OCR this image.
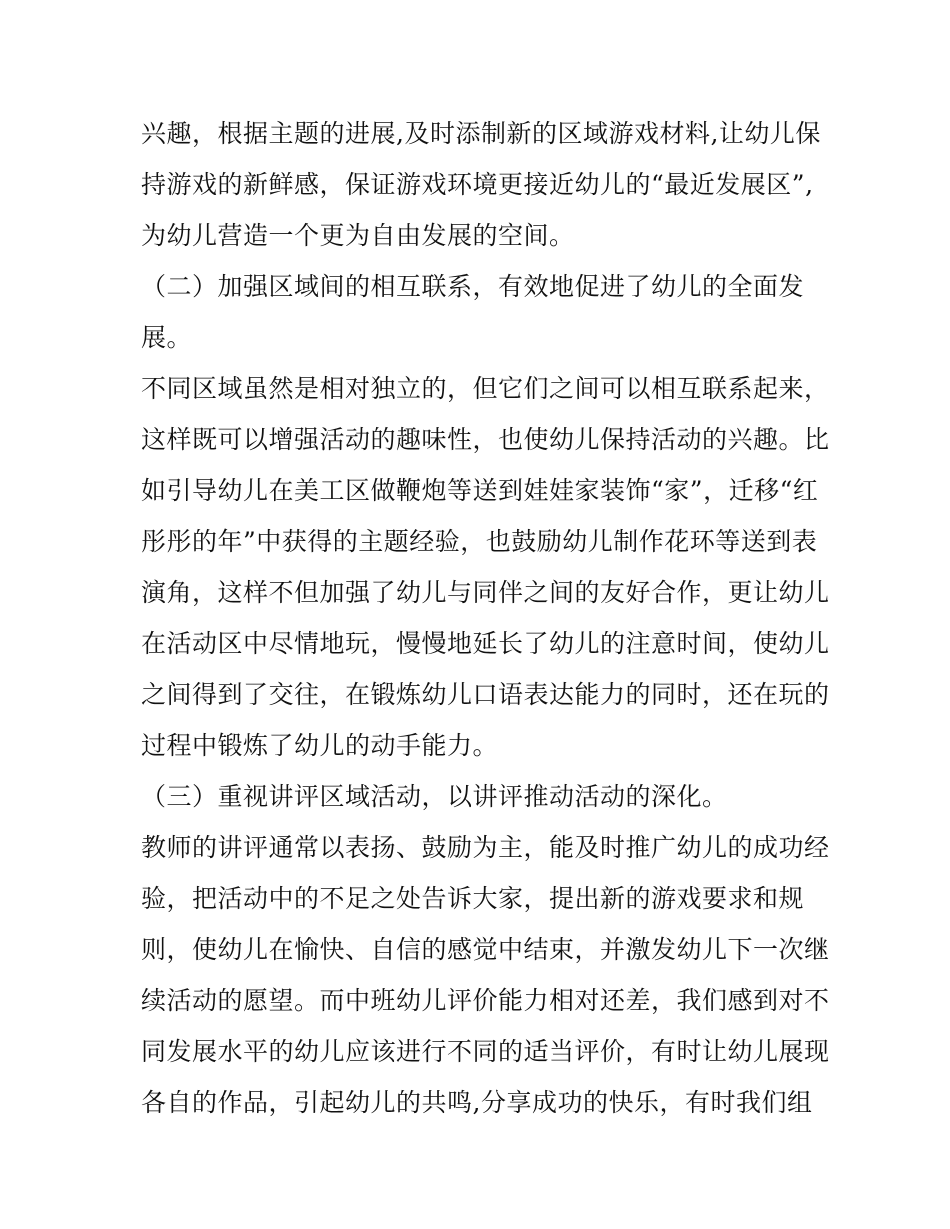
兴趣，根据主题的进展,及时添制新的区域游戏材料,让幼儿保
持游戏的新鲜感，保证游戏环境更接近幼儿的“最近发展区”,
为幼儿营造一个更为自由发展的空间。
（二）加强区域间的相互联系，有效地促进了幼儿的全面发
展。
不同区域虽然是相对独立的，但它们之间可以相互联系起来，
这样既可以增强活动的趣味性，也使幼儿保持活动的兴趣。比
如引导幼儿在美工区做鞭炮等送到娃娃家装饰“家”，迁移“红
彤彤的年”中获得的主题经验，也鼓励幼儿制作花环等送到表
演角，这样不但加强了幼儿与同伴之间的友好合作，更让幼儿
在活动区中尽情地玩，慢慢地延长了幼儿的注意时间，使幼儿
之间得到了交往，在锻炼幼儿口语表达能力的同时，还在玩的
过程中锻炼了幼儿的动手能力。
（三）重视讲评区域活动，以讲评推动活动的深化。
教师的讲评通常以表扬、鼓励为主，能及时推广幼儿的成功经
验，把活动中的不足之处告诉大家，提出新的游戏要求和规
则，使幼儿在愉快、自信的感觉中结束，并激发幼儿下一次继
续活动的愿望。而中班幼儿评价能力相对还差，我们感到对不
同发展水平的幼儿应该进行不同的适当评价，有时让幼儿展现
各自的作品，引起幼儿的共鸣,分享成功的快乐，有时我们组
